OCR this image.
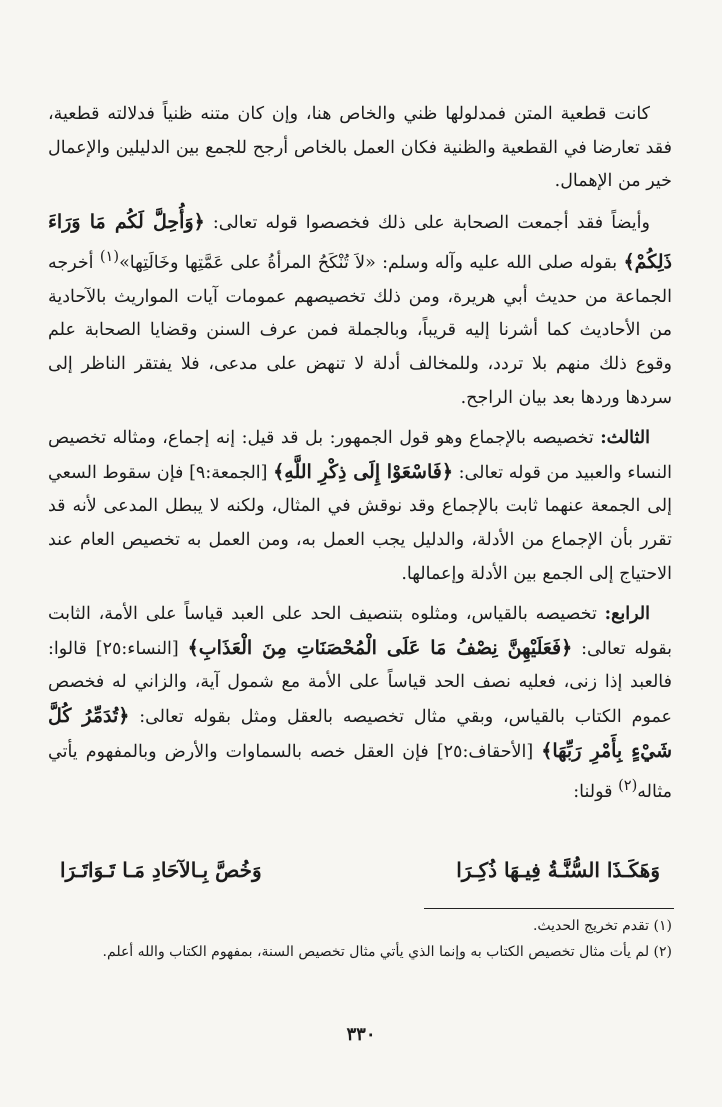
كانت قطعية المتن فمدلولها ظني والخاص هنا، وإن كان متنه ظنياً فدلالته قطعية، فقد تعارضا في القطعية والظنية فكان العمل بالخاص أرجح للجمع بين الدليلين والإعمال خير من الإهمال.

وأيضاً فقد أجمعت الصحابة على ذلك فخصصوا قوله تعالى: ﴿وَأُحِلَّ لَكُم مَا وَرَاءَ ذَلِكُمْ﴾ بقوله صلى الله عليه وآله وسلم: «لاَ تُنْكَحُ المرأةُ على عَمَّتِها وخَالَتِها»$^{(١)}$ أخرجه الجماعة من حديث أبي هريرة، ومن ذلك تخصيصهم عمومات آيات المواريث بالآحادية من الأحاديث كما أشرنا إليه قريباً، وبالجملة فمن عرف السنن وقضايا الصحابة علم وقوع ذلك منهم بلا تردد، وللمخالف أدلة لا تنهض على مدعى، فلا يفتقر الناظر إلى سردها وردها بعد بيان الراجح.

الثالث: تخصيصه بالإجماع وهو قول الجمهور: بل قد قيل: إنه إجماع، ومثاله تخصيص النساء والعبيد من قوله تعالى: ﴿فَاسْعَوْا إِلَى ذِكْرِ اللَّهِ﴾ [الجمعة:٩] فإن سقوط السعي إلى الجمعة عنهما ثابت بالإجماع وقد نوقش في المثال، ولكنه لا يبطل المدعى لأنه قد تقرر بأن الإجماع من الأدلة، والدليل يجب العمل به، ومن العمل به تخصيص العام عند الاحتياج إلى الجمع بين الأدلة وإعمالها.

الرابع: تخصيصه بالقياس، ومثلوه بتنصيف الحد على العبد قياساً على الأمة، الثابت بقوله تعالى: ﴿فَعَلَيْهِنَّ نِصْفُ مَا عَلَى الْمُحْصَنَاتِ مِنَ الْعَذَابِ﴾ [النساء:٢٥] قالوا: فالعبد إذا زنى، فعليه نصف الحد قياساً على الأمة مع شمول آية، والزاني له فخصص عموم الكتاب بالقياس، وبقي مثال تخصيصه بالعقل ومثل بقوله تعالى: ﴿تُدَمِّرُ كُلَّ شَيْءٍ بِأَمْرِ رَبِّهَا﴾ [الأحقاف:٢٥] فإن العقل خصه بالسماوات والأرض وبالمفهوم يأتي مثاله$^{(٢)}$ قولنا:

وَهَكَـذَا السُّنَّـةُ فِيـهَا ذُكِـرَا
وَخُصَّ بِـالآحَادِ مَـا تَـوَاتَـرَا

(١) تقدم تخريج الحديث.

(٢) لم يأت مثال تخصيص الكتاب به وإنما الذي يأتي مثال تخصيص السنة، بمفهوم الكتاب والله أعلم.

٣٣٠
